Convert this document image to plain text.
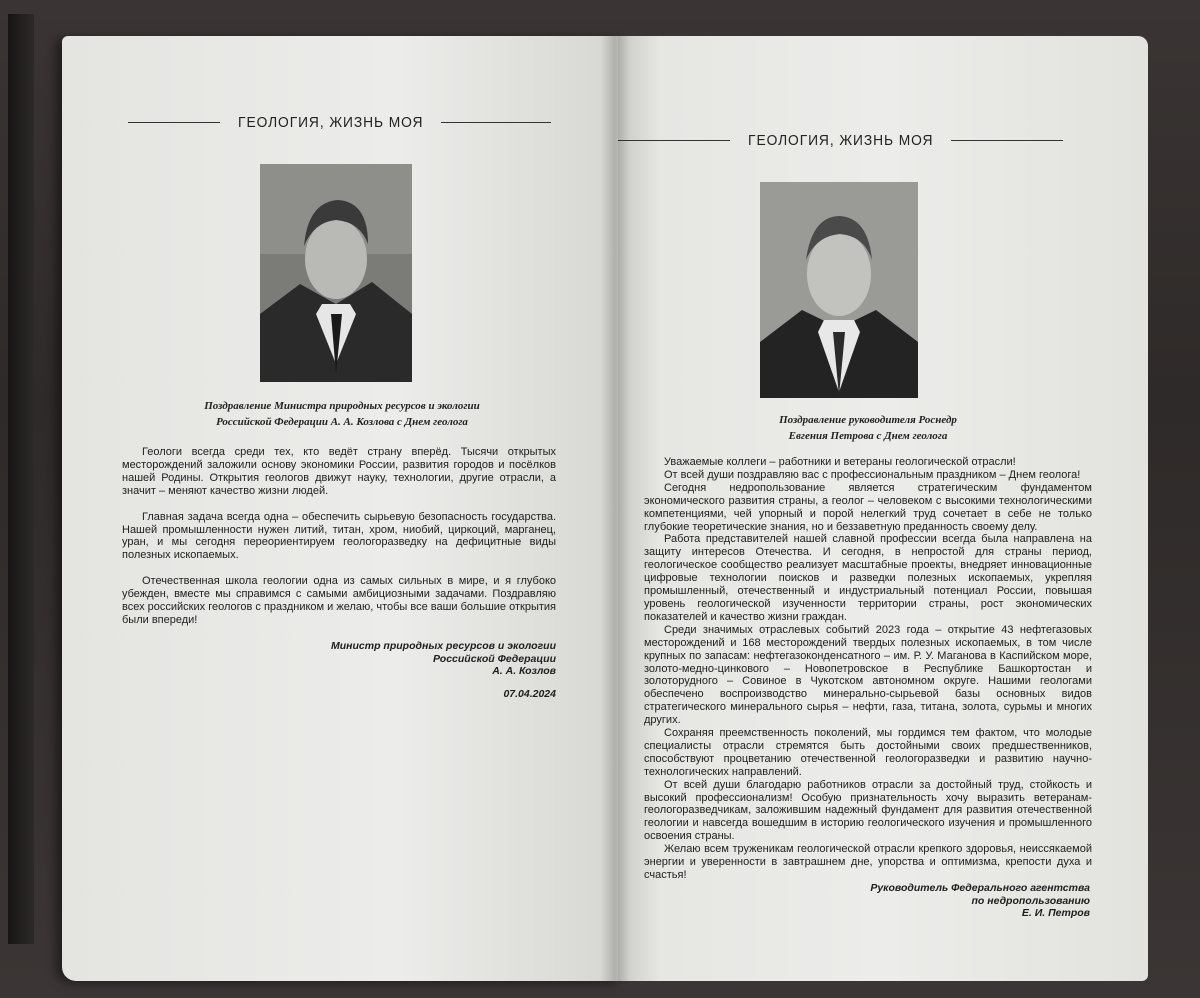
ГЕОЛОГИЯ, ЖИЗНЬ МОЯ
Поздравление Министра природных ресурсов и экологии
Российской Федерации А. А. Козлова с Днем геолога

Геологи всегда среди тех, кто ведёт страну вперёд. Тысячи открытых месторождений заложили основу экономики России, развития городов и посёлков нашей Родины. Открытия геологов движут науку, технологии, другие отрасли, а значит – меняют качество жизни людей.

Главная задача всегда одна – обеспечить сырьевую безопасность государства. Нашей промышленности нужен литий, титан, хром, ниобий, циркоций, марганец, уран, и мы сегодня переориентируем геологоразведку на дефицитные виды полезных ископаемых.

Отечественная школа геологии одна из самых сильных в мире, и я глубоко убежден, вместе мы справимся с самыми амбициозными задачами. Поздравляю всех российских геологов с праздником и желаю, чтобы все ваши большие открытия были впереди!

Министр природных ресурсов и экологии
Российской Федерации
А. А. Козлов
07.04.2024
ГЕОЛОГИЯ, ЖИЗНЬ МОЯ
Поздравление руководителя Роснедр
Евгения Петрова с Днем геолога

Уважаемые коллеги – работники и ветераны геологической отрасли!

От всей души поздравляю вас с профессиональным праздником – Днем геолога!

Сегодня недропользование является стратегическим фундаментом экономического развития страны, а геолог – человеком с высокими технологическими компетенциями, чей упорный и порой нелегкий труд сочетает в себе не только глубокие теоретические знания, но и беззаветную преданность своему делу.

Работа представителей нашей славной профессии всегда была направлена на защиту интересов Отечества. И сегодня, в непростой для страны период, геологическое сообщество реализует масштабные проекты, внедряет инновационные цифровые технологии поисков и разведки полезных ископаемых, укрепляя промышленный, отечественный и индустриальный потенциал России, повышая уровень геологической изученности территории страны, рост экономических показателей и качество жизни граждан.

Среди значимых отраслевых событий 2023 года – открытие 43 нефтегазовых месторождений и 168 месторождений твердых полезных ископаемых, в том числе крупных по запасам: нефтегазоконденсатного – им. Р. У. Маганова в Каспийском море, золото-медно-цинкового – Новопетровское в Республике Башкортостан и золоторудного – Совиное в Чукотском автономном округе. Нашими геологами обеспечено воспроизводство минерально-сырьевой базы основных видов стратегического минерального сырья – нефти, газа, титана, золота, сурьмы и многих других.

Сохраняя преемственность поколений, мы гордимся тем фактом, что молодые специалисты отрасли стремятся быть достойными своих предшественников, способствуют процветанию отечественной геологоразведки и развитию научно-технологических направлений.

От всей души благодарю работников отрасли за достойный труд, стойкость и высокий профессионализм! Особую признательность хочу выразить ветеранам-геологоразведчикам, заложившим надежный фундамент для развития отечественной геологии и навсегда вошедшим в историю геологического изучения и промышленного освоения страны.

Желаю всем труженикам геологической отрасли крепкого здоровья, неиссякаемой энергии и уверенности в завтрашнем дне, упорства и оптимизма, крепости духа и счастья!

Руководитель Федерального агентства
по недропользованию
Е. И. Петров
